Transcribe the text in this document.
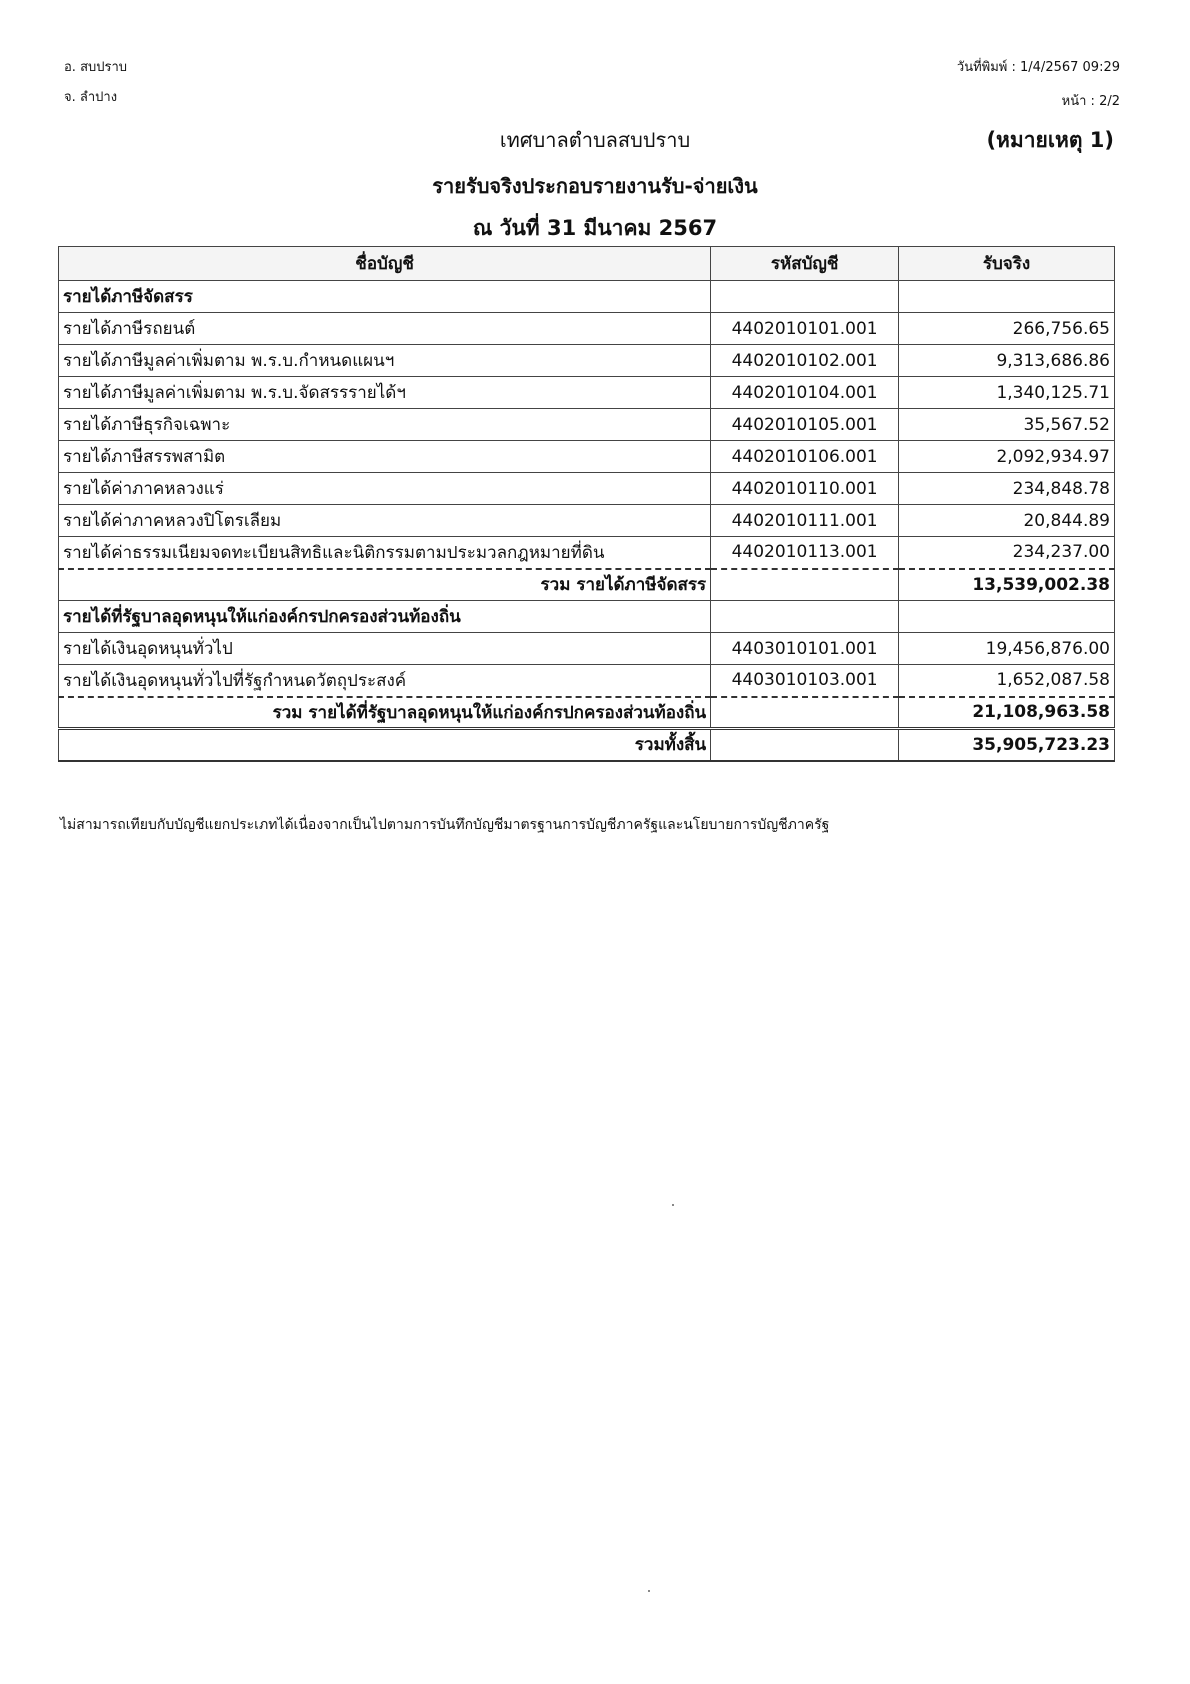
อ. สบปราบ
จ. ลำปาง
วันที่พิมพ์ : 1/4/2567 09:29
หน้า : 2/2
(หมายเหตุ 1)
เทศบาลตำบลสบปราบ
รายรับจริงประกอบรายงานรับ-จ่ายเงิน
ณ วันที่ 31 มีนาคม 2567
ชื่อบัญชี	รหัสบัญชี	รับจริง
รายได้ภาษีจัดสรร		
รายได้ภาษีรถยนต์	4402010101.001	266,756.65
รายได้ภาษีมูลค่าเพิ่มตาม พ.ร.บ.กำหนดแผนฯ	4402010102.001	9,313,686.86
รายได้ภาษีมูลค่าเพิ่มตาม พ.ร.บ.จัดสรรรายได้ฯ	4402010104.001	1,340,125.71
รายได้ภาษีธุรกิจเฉพาะ	4402010105.001	35,567.52
รายได้ภาษีสรรพสามิต	4402010106.001	2,092,934.97
รายได้ค่าภาคหลวงแร่	4402010110.001	234,848.78
รายได้ค่าภาคหลวงปิโตรเลียม	4402010111.001	20,844.89
รายได้ค่าธรรมเนียมจดทะเบียนสิทธิและนิติกรรมตามประมวลกฎหมายที่ดิน	4402010113.001	234,237.00
รวม รายได้ภาษีจัดสรร		13,539,002.38
รายได้ที่รัฐบาลอุดหนุนให้แก่องค์กรปกครองส่วนท้องถิ่น		
รายได้เงินอุดหนุนทั่วไป	4403010101.001	19,456,876.00
รายได้เงินอุดหนุนทั่วไปที่รัฐกำหนดวัตถุประสงค์	4403010103.001	1,652,087.58
รวม รายได้ที่รัฐบาลอุดหนุนให้แก่องค์กรปกครองส่วนท้องถิ่น		21,108,963.58
รวมทั้งสิ้น		35,905,723.23
ไม่สามารถเทียบกับบัญชีแยกประเภทได้เนื่องจากเป็นไปตามการบันทึกบัญชีมาตรฐานการบัญชีภาครัฐและนโยบายการบัญชีภาครัฐ
